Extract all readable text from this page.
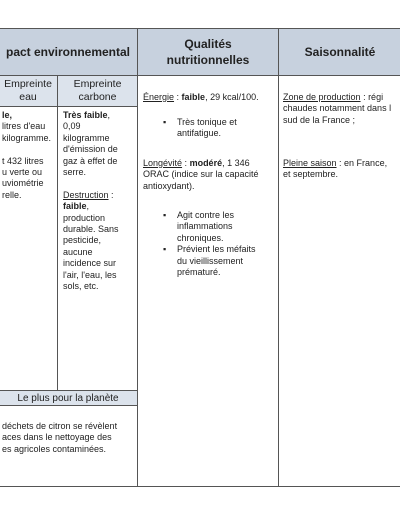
pact environnemental
Qualités
nutritionnelles
Saisonnalité
Empreinte
eau
Empreinte
carbone
Le plus pour la planète
le,
litres d'eau
kilogramme.
t 432 litres
u verte ou
uviométrie
relle.
Très faible,
0,09
kilogramme
d'émission de
gaz à effet de
serre.
Destruction :
faible,
production
durable. Sans
pesticide,
aucune
incidence sur
l'air, l'eau, les
sols, etc.
Énergie : faible, 29 kcal/100.
▪ Très tonique et
antifatigue.
Longévité : modéré, 1 346
ORAC (indice sur la capacité
antioxydant).
▪ Agit contre les
inflammations
chroniques.
▪ Prévient les méfaits
du vieillissement
prématuré.
Zone de production : régi
chaudes notamment dans l
sud de la France ;
Pleine saison : en France,
et septembre.
déchets de citron se révèlent
aces dans le nettoyage des
es agricoles contaminées.
